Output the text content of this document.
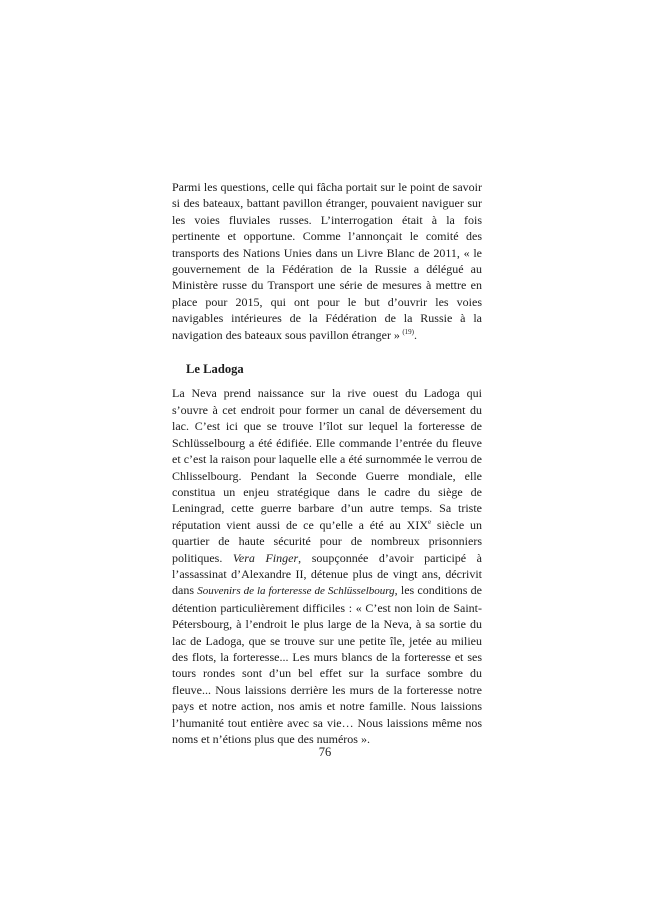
Parmi les questions, celle qui fâcha portait sur le point de savoir si des bateaux, battant pavillon étranger, pouvaient naviguer sur les voies fluviales russes. L’interrogation était à la fois pertinente et opportune. Comme l’annonçait le comité des transports des Nations Unies dans un Livre Blanc de 2011, « le gouvernement de la Fédération de la Russie a délégué au Ministère russe du Transport une série de mesures à mettre en place pour 2015, qui ont pour le but d’ouvrir les voies navigables intérieures de la Fédération de la Russie à la navigation des bateaux sous pavillon étranger »  $^{(19)}$.

Le Ladoga

La Neva prend naissance sur la rive ouest du Ladoga qui s’ouvre à cet endroit pour former un canal de déversement du lac. C’est ici que se trouve l’îlot sur lequel la forteresse de Schlüsselbourg a été édifiée. Elle commande l’entrée du fleuve et c’est la raison pour laquelle elle a été surnommée le verrou de Chlisselbourg. Pendant la Seconde Guerre mondiale, elle constitua un enjeu stratégique dans le cadre du siège de Leningrad, cette guerre barbare d’un autre temps. Sa triste réputation vient aussi de ce qu’elle a été au XIXe siècle un quartier de haute sécurité pour de nombreux prisonniers politiques. Vera Finger, soupçonnée d’avoir participé à l’assassinat d’Alexandre II, détenue plus de vingt ans, décrivit dans Souvenirs de la forteresse de Schlüsselbourg, les conditions de détention particulièrement difficiles : « C’est non loin de Saint-Pétersbourg, à l’endroit le plus large de la Neva, à sa sortie du lac de Ladoga, que se trouve sur une petite île, jetée au milieu des flots, la forteresse... Les murs blancs de la forteresse et ses tours rondes sont d’un bel effet sur la surface sombre du fleuve... Nous laissions derrière les murs de la forteresse notre pays et notre action, nos amis et notre famille. Nous laissions l’humanité tout entière avec sa vie… Nous laissions même nos noms et n’étions plus que des numéros ».

76
